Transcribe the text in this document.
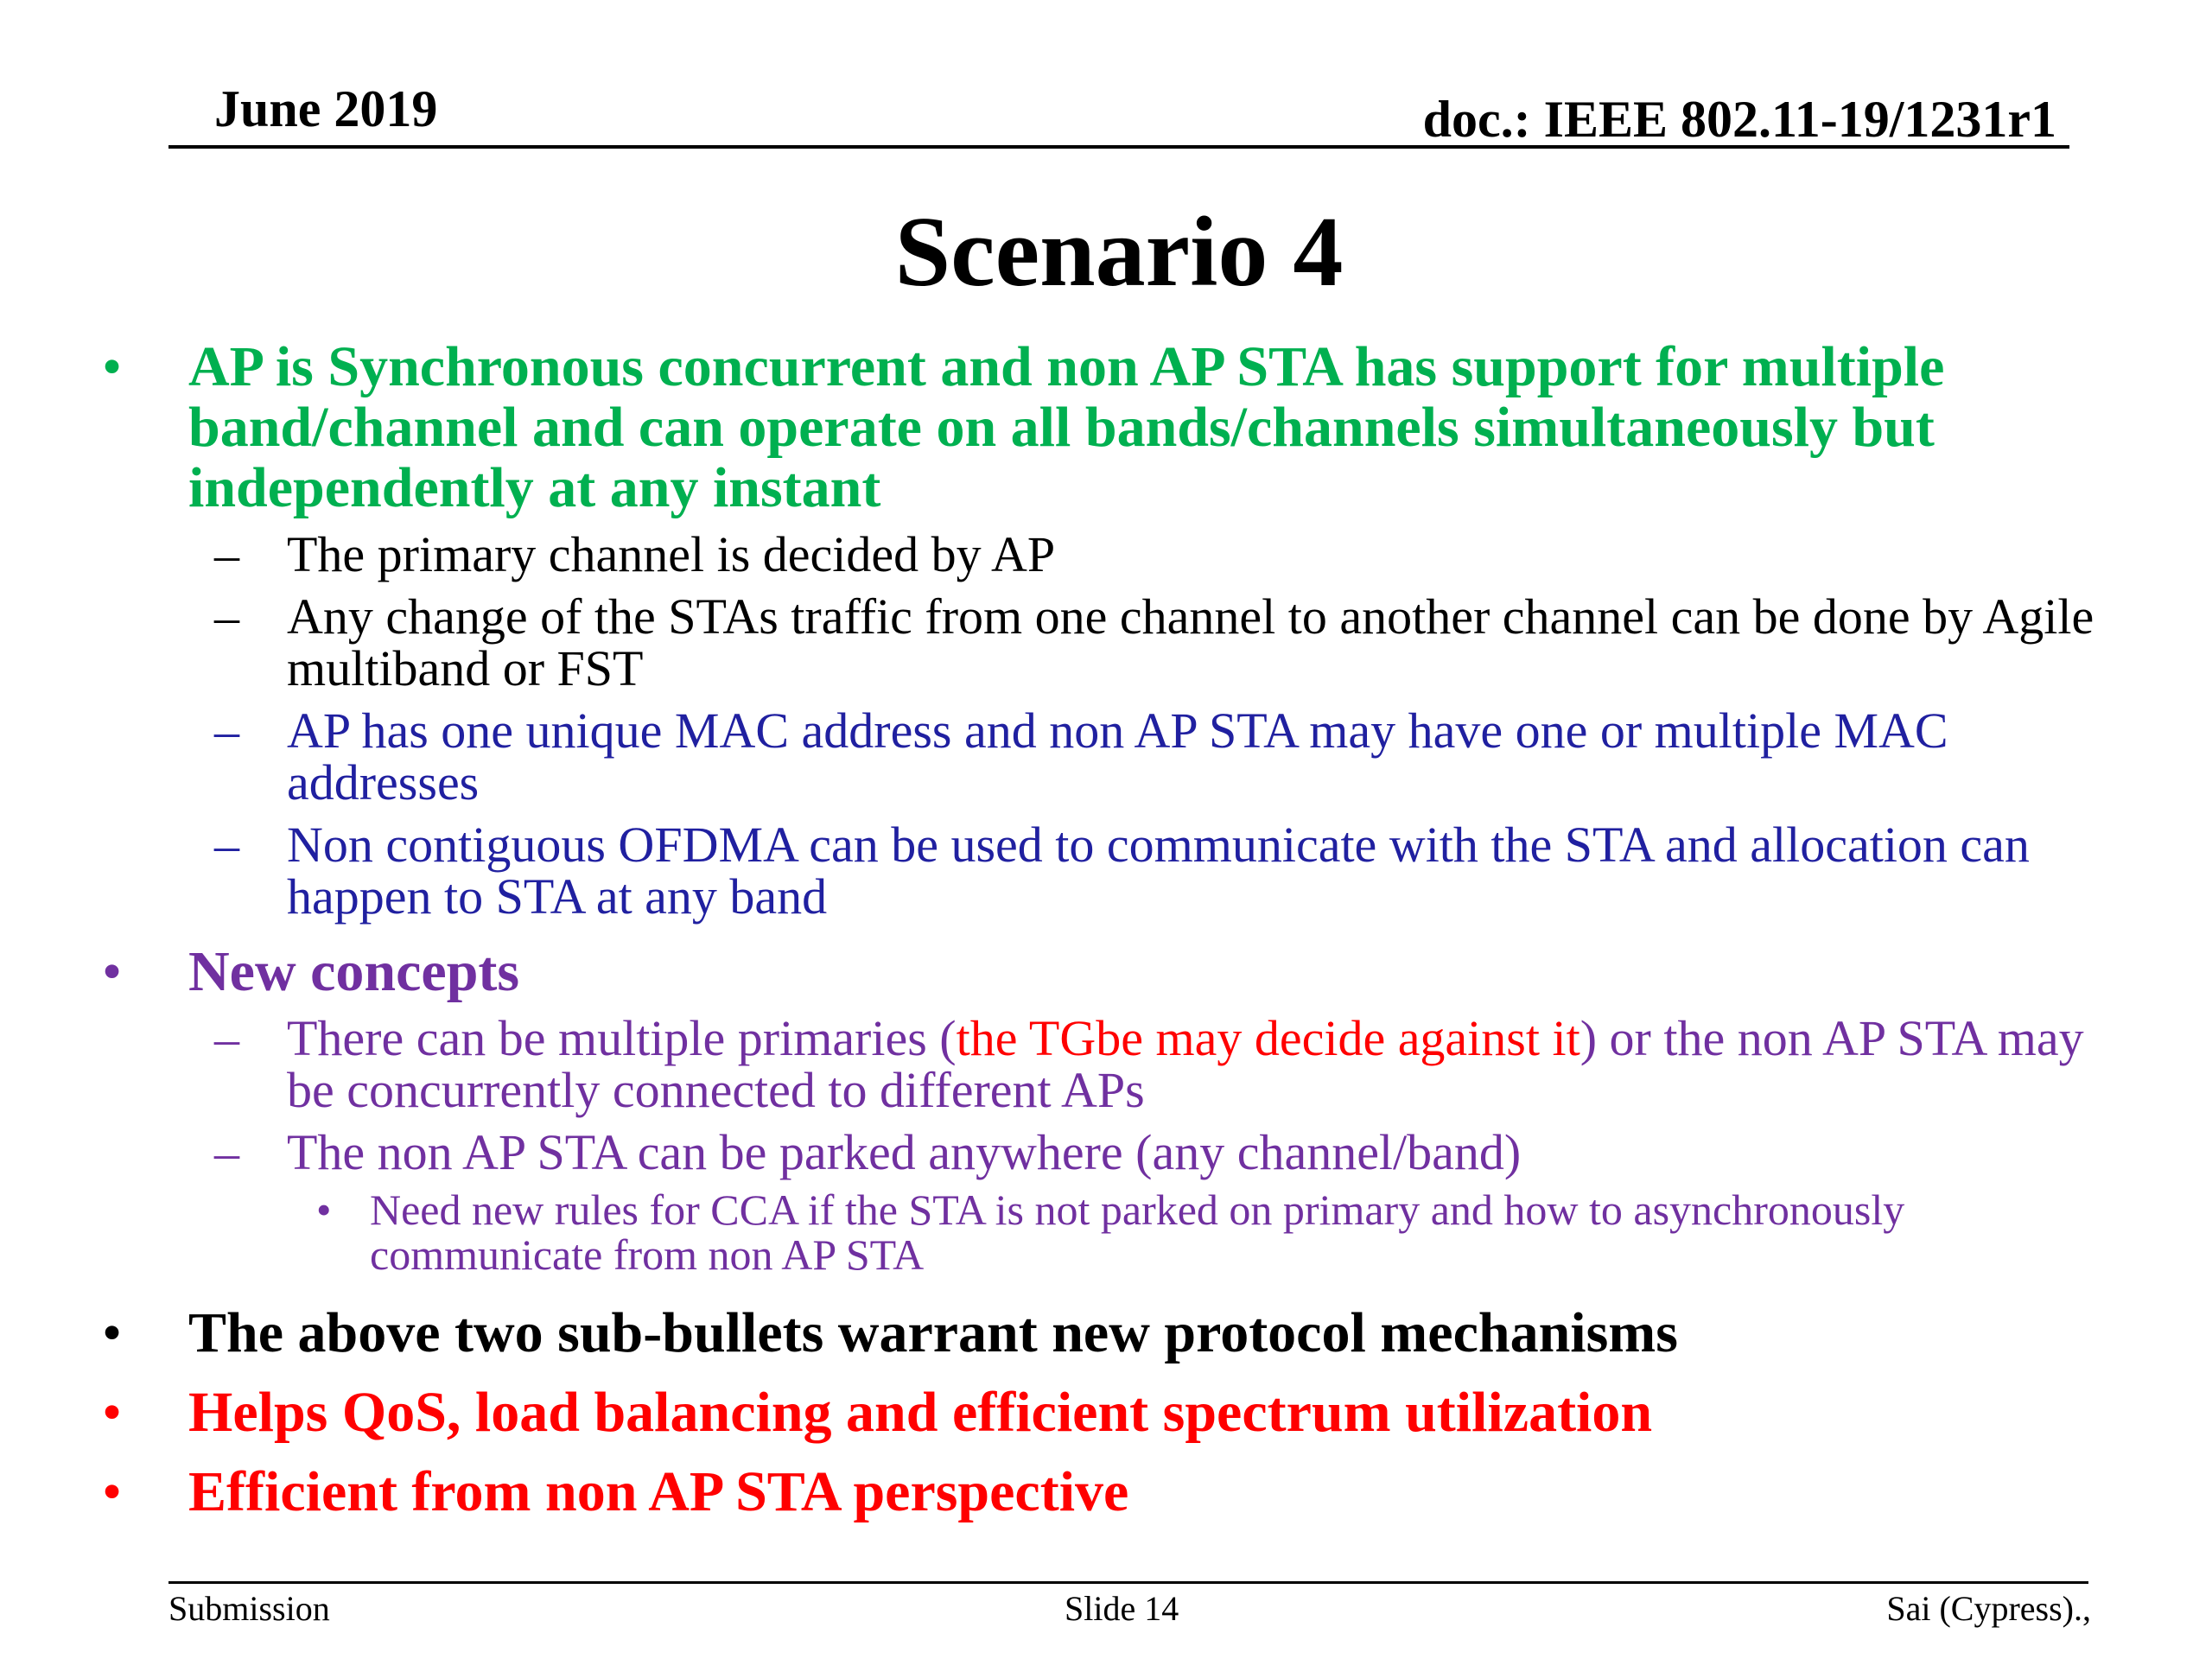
June 2019	doc.: IEEE 802.11-19/1231r1
Scenario 4
• AP is Synchronous concurrent and non AP STA has support for multiple band/channel and can operate on all bands/channels simultaneously but independently at any instant
– The primary channel is decided by AP
– Any change of the STAs traffic from one channel to another channel can be done by Agile multiband or FST
– AP has one unique MAC address and non AP STA may have one or multiple MAC addresses
– Non contiguous OFDMA can be used to communicate with the STA and allocation can happen to STA at any band
• New concepts
– There can be multiple primaries (the TGbe may decide against it) or the non AP STA may be concurrently connected to different APs
– The non AP STA can be parked anywhere (any channel/band)
• Need new rules for CCA if the STA is not parked on primary and how to asynchronously communicate from non AP STA
• The above two sub-bullets warrant new protocol mechanisms
• Helps QoS, load balancing and efficient spectrum utilization
• Efficient from non AP STA perspective
Submission	Slide 14	Sai (Cypress).,
